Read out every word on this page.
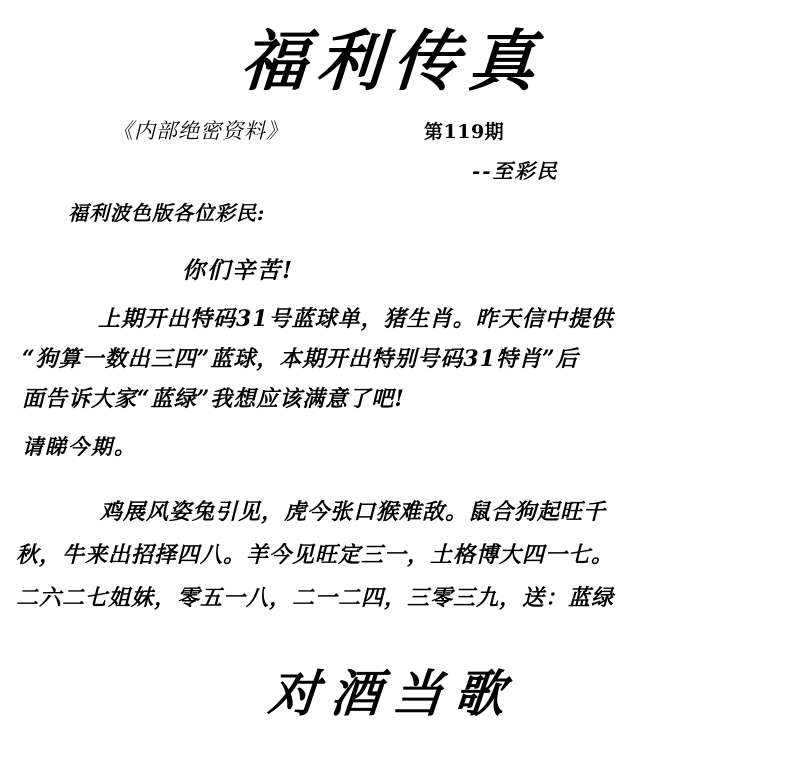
福利传真
《内部绝密资料》	第119期
--至彩民
福利波色版各位彩民:
你们辛苦!
上期开出特码31号蓝球单，猪生肖。昨天信中提供
“狗算一数出三四”蓝球，本期开出特别号码31特肖”后
面告诉大家“蓝绿”我想应该满意了吧!
请睇今期。
鸡展风姿兔引见，虎今张口猴难敌。鼠合狗起旺千
秋，牛来出招择四八。羊今见旺定三一，土格博大四一七。
二六二七姐妹，零五一八，二一二四，三零三九，送：蓝绿
对酒当歌
